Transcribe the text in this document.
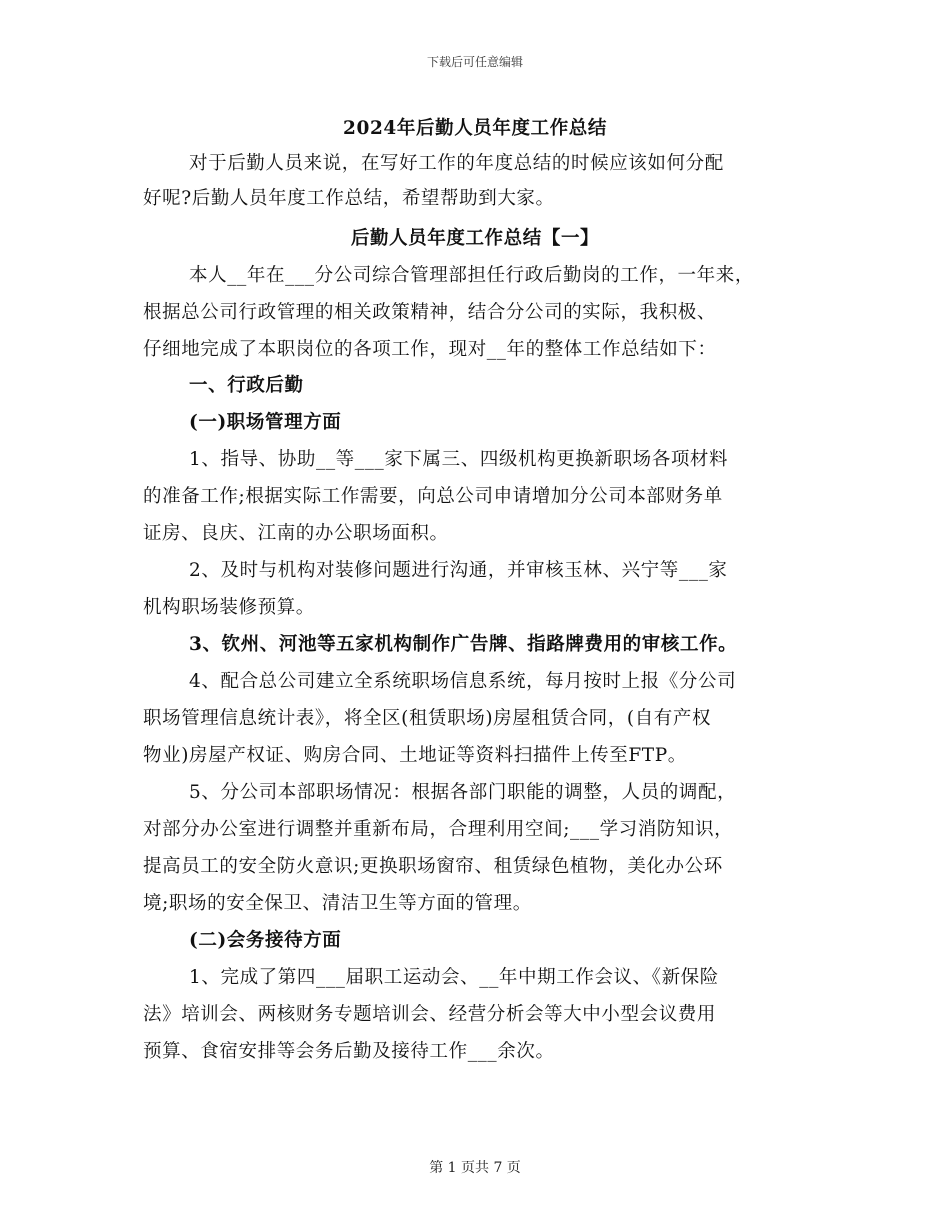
下载后可任意编辑
2024年后勤人员年度工作总结
对于后勤人员来说，在写好工作的年度总结的时候应该如何分配
好呢?后勤人员年度工作总结，希望帮助到大家。
后勤人员年度工作总结【一】
本人__年在___分公司综合管理部担任行政后勤岗的工作，一年来，
根据总公司行政管理的相关政策精神，结合分公司的实际，我积极、
仔细地完成了本职岗位的各项工作，现对__年的整体工作总结如下：
一、行政后勤
(一)职场管理方面
1、指导、协助__等___家下属三、四级机构更换新职场各项材料
的准备工作;根据实际工作需要，向总公司申请增加分公司本部财务单
证房、良庆、江南的办公职场面积。
2、及时与机构对装修问题进行沟通，并审核玉林、兴宁等___家
机构职场装修预算。
3、钦州、河池等五家机构制作广告牌、指路牌费用的审核工作。
4、配合总公司建立全系统职场信息系统，每月按时上报《分公司
职场管理信息统计表》，将全区(租赁职场)房屋租赁合同，(自有产权
物业)房屋产权证、购房合同、土地证等资料扫描件上传至FTP。
5、分公司本部职场情况：根据各部门职能的调整，人员的调配，
对部分办公室进行调整并重新布局，合理利用空间;___学习消防知识，
提高员工的安全防火意识;更换职场窗帘、租赁绿色植物，美化办公环
境;职场的安全保卫、清洁卫生等方面的管理。
(二)会务接待方面
1、完成了第四___届职工运动会、__年中期工作会议、《新保险
法》培训会、两核财务专题培训会、经营分析会等大中小型会议费用
预算、食宿安排等会务后勤及接待工作___余次。
第 1 页共 7 页
